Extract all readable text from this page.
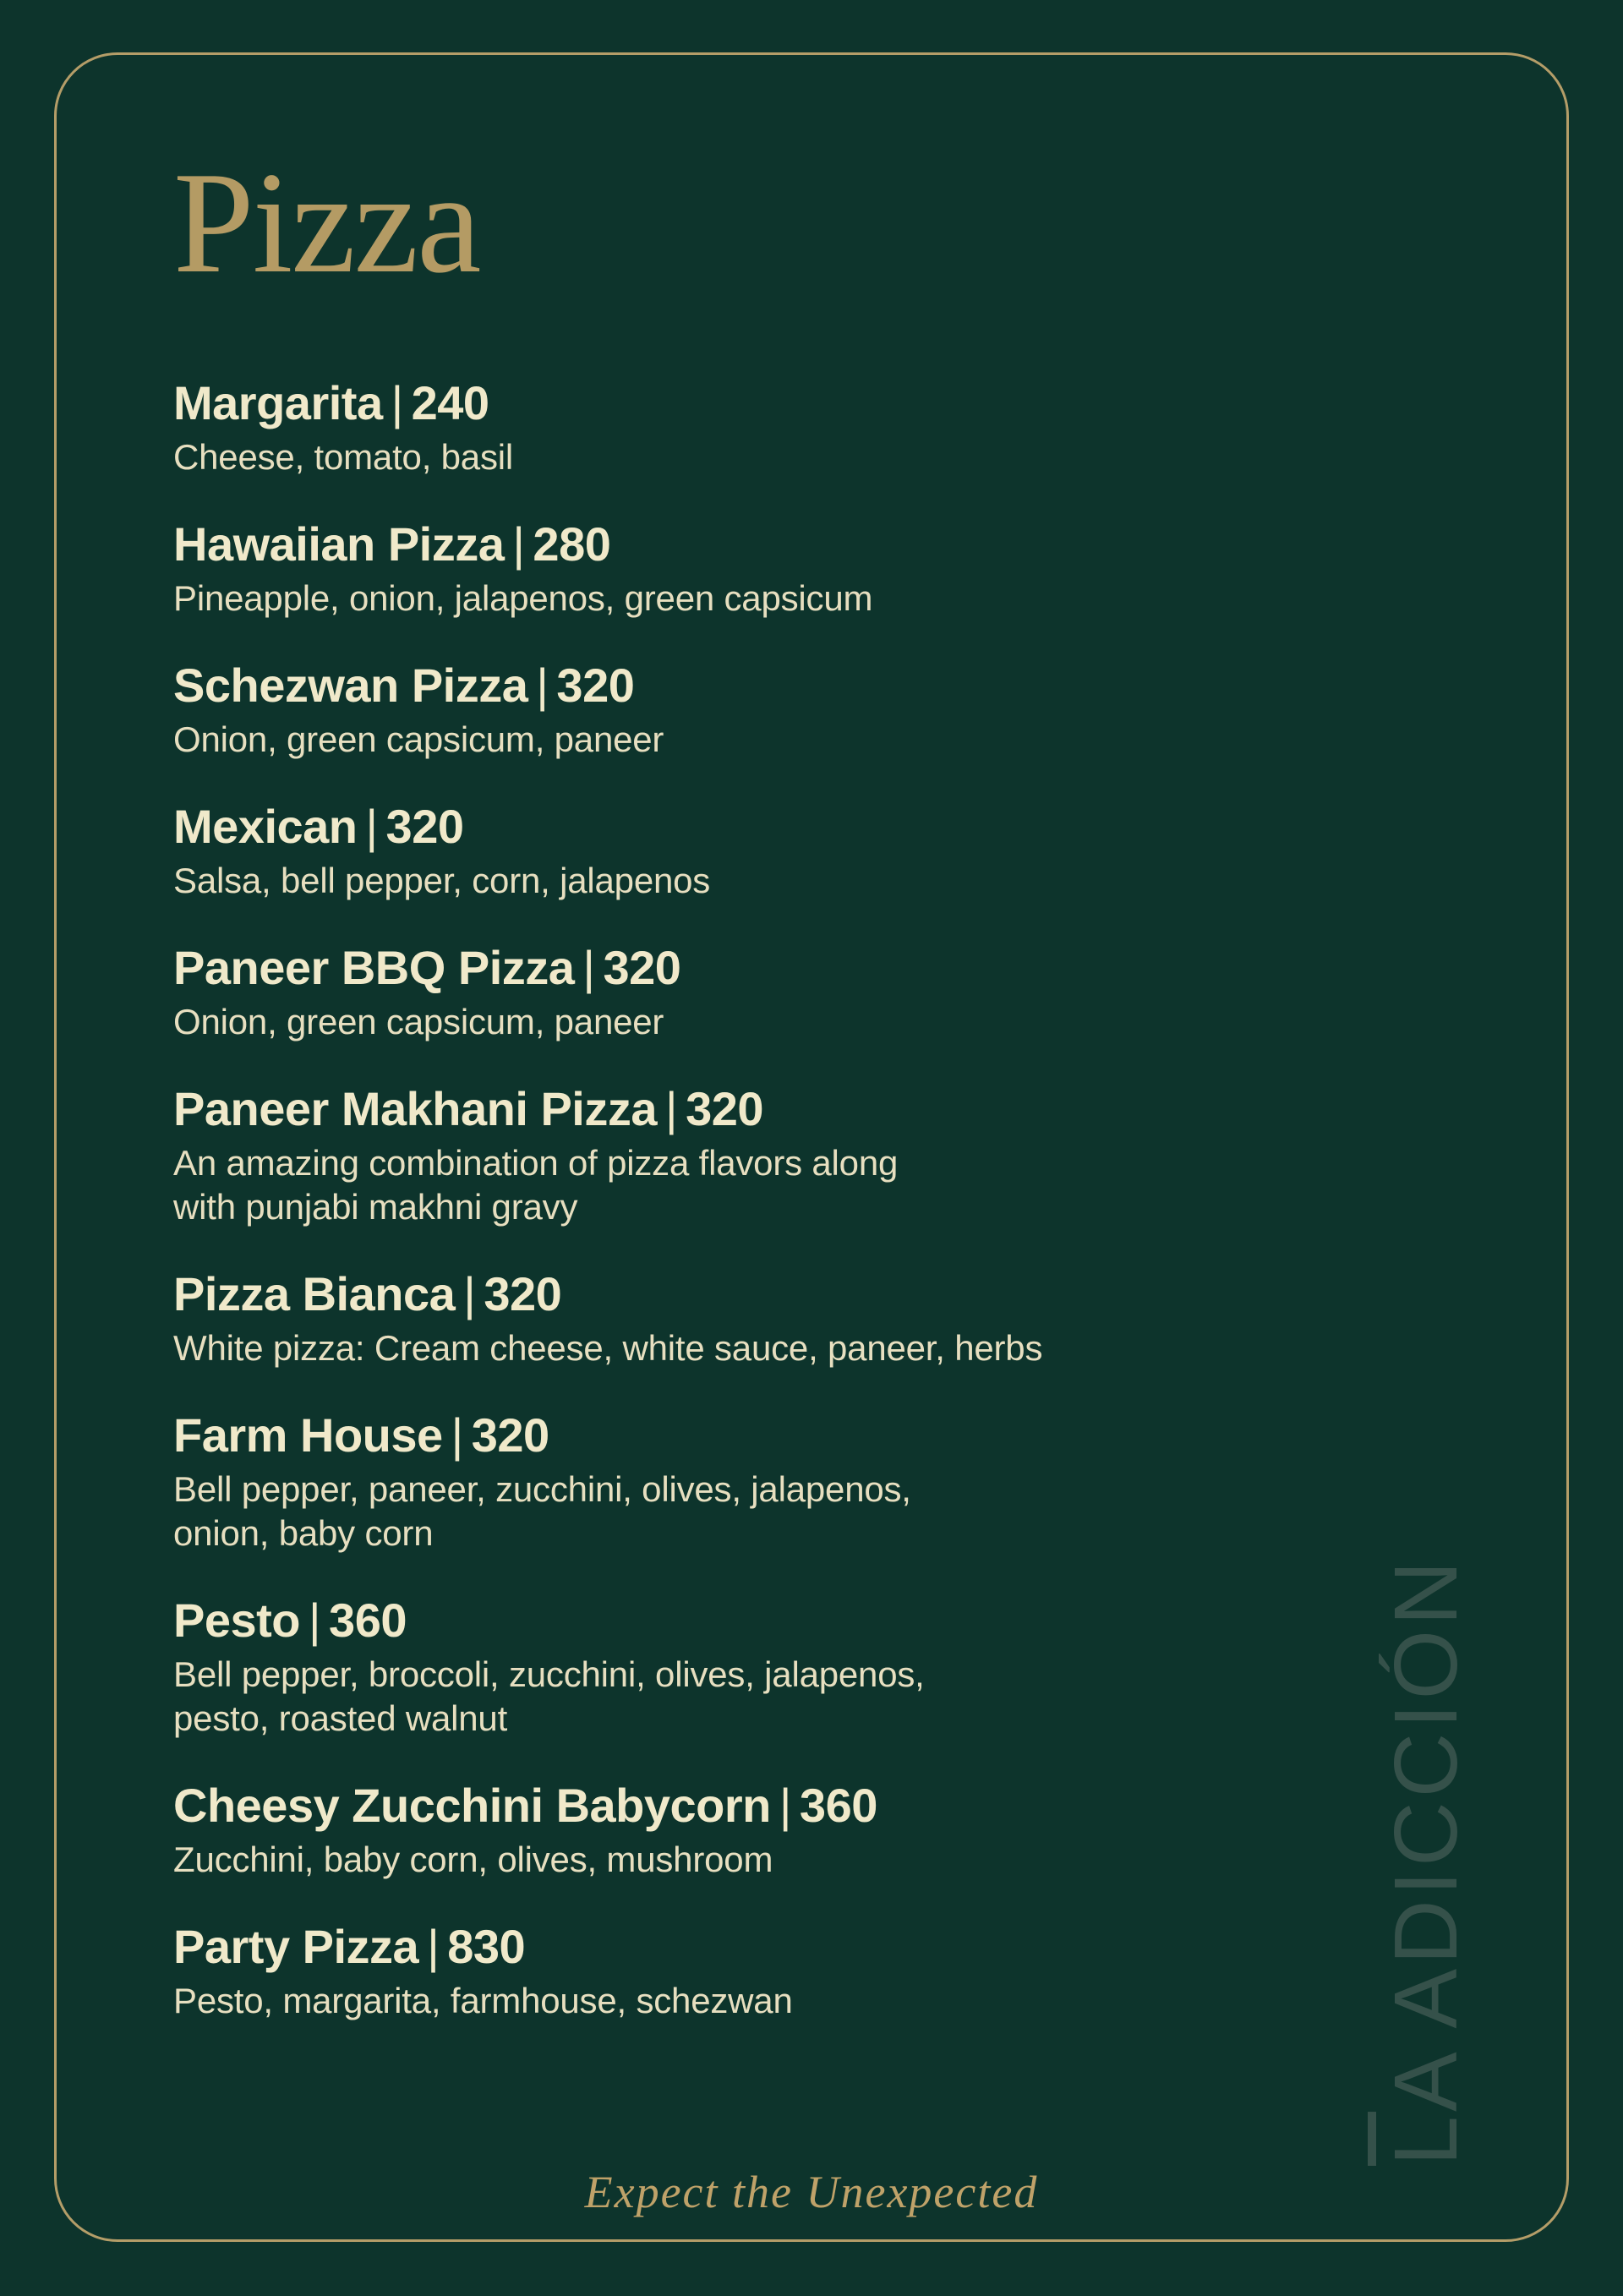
Pizza
Margarita | 240
Cheese, tomato, basil
Hawaiian Pizza | 280
Pineapple, onion, jalapenos, green capsicum
Schezwan Pizza | 320
Onion, green capsicum, paneer
Mexican | 320
Salsa, bell pepper, corn, jalapenos
Paneer BBQ Pizza | 320
Onion, green capsicum, paneer
Paneer Makhani Pizza | 320
An amazing combination of pizza flavors along
with punjabi makhni gravy
Pizza Bianca | 320
White pizza: Cream cheese, white sauce, paneer, herbs
Farm House | 320
Bell pepper, paneer, zucchini, olives, jalapenos,
onion, baby corn
Pesto | 360
Bell pepper, broccoli, zucchini, olives, jalapenos,
pesto, roasted walnut
Cheesy Zucchini Babycorn | 360
Zucchini, baby corn, olives, mushroom
Party Pizza | 830
Pesto, margarita, farmhouse, schezwan
LA ADICCIÓN
Expect the Unexpected
